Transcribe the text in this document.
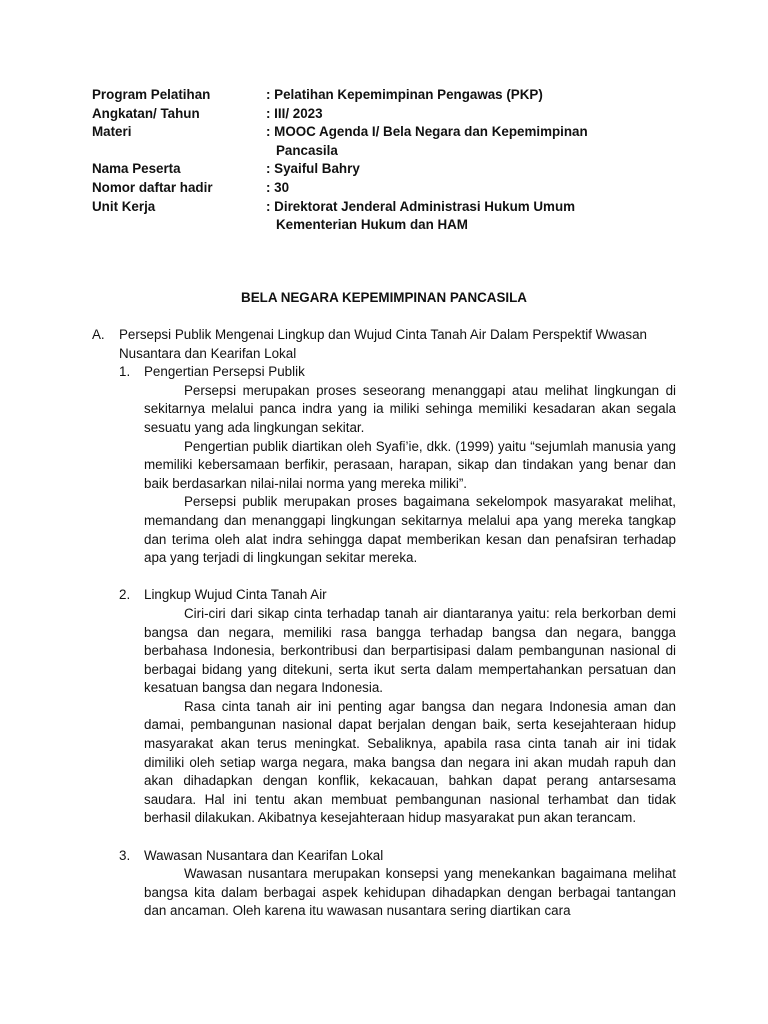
Program Pelatihan	: Pelatihan Kepemimpinan Pengawas (PKP)
Angkatan/ Tahun	: III/ 2023
Materi	: MOOC Agenda I/ Bela Negara dan Kepemimpinan
Pancasila
Nama Peserta	: Syaiful Bahry
Nomor daftar hadir	: 30
Unit Kerja	: Direktorat Jenderal Administrasi Hukum Umum
Kementerian Hukum dan HAM
BELA NEGARA KEPEMIMPINAN PANCASILA
A.	Persepsi Publik Mengenai Lingkup dan Wujud Cinta Tanah Air Dalam Perspektif Wwasan Nusantara dan Kearifan Lokal
1.	Pengertian Persepsi Publik

Persepsi merupakan proses seseorang menanggapi atau melihat lingkungan di sekitarnya melalui panca indra yang ia miliki sehinga memiliki kesadaran akan segala sesuatu yang ada lingkungan sekitar.

Pengertian publik diartikan oleh Syafi’ie, dkk. (1999) yaitu “sejumlah manusia yang memiliki kebersamaan berfikir, perasaan, harapan, sikap dan tindakan yang benar dan baik berdasarkan nilai-nilai norma yang mereka miliki”.

Persepsi publik merupakan proses bagaimana sekelompok masyarakat melihat, memandang dan menanggapi lingkungan sekitarnya melalui apa yang mereka tangkap dan terima oleh alat indra sehingga dapat memberikan kesan dan penafsiran terhadap apa yang terjadi di lingkungan sekitar mereka.

2.	Lingkup Wujud Cinta Tanah Air

Ciri-ciri dari sikap cinta terhadap tanah air diantaranya yaitu: rela berkorban demi bangsa dan negara, memiliki rasa bangga terhadap bangsa dan negara, bangga berbahasa Indonesia, berkontribusi dan berpartisipasi dalam pembangunan nasional di berbagai bidang yang ditekuni, serta ikut serta dalam mempertahankan persatuan dan kesatuan bangsa dan negara Indonesia.

Rasa cinta tanah air ini penting agar bangsa dan negara Indonesia aman dan damai, pembangunan nasional dapat berjalan dengan baik, serta kesejahteraan hidup masyarakat akan terus meningkat. Sebaliknya, apabila rasa cinta tanah air ini tidak dimiliki oleh setiap warga negara, maka bangsa dan negara ini akan mudah rapuh dan akan dihadapkan dengan konflik, kekacauan, bahkan dapat perang antarsesama saudara. Hal ini tentu akan membuat pembangunan nasional terhambat dan tidak berhasil dilakukan. Akibatnya kesejahteraan hidup masyarakat pun akan terancam.

3.	Wawasan Nusantara dan Kearifan Lokal

Wawasan nusantara merupakan konsepsi yang menekankan bagaimana melihat bangsa kita dalam berbagai aspek kehidupan dihadapkan dengan berbagai tantangan dan ancaman. Oleh karena itu wawasan nusantara sering diartikan cara
